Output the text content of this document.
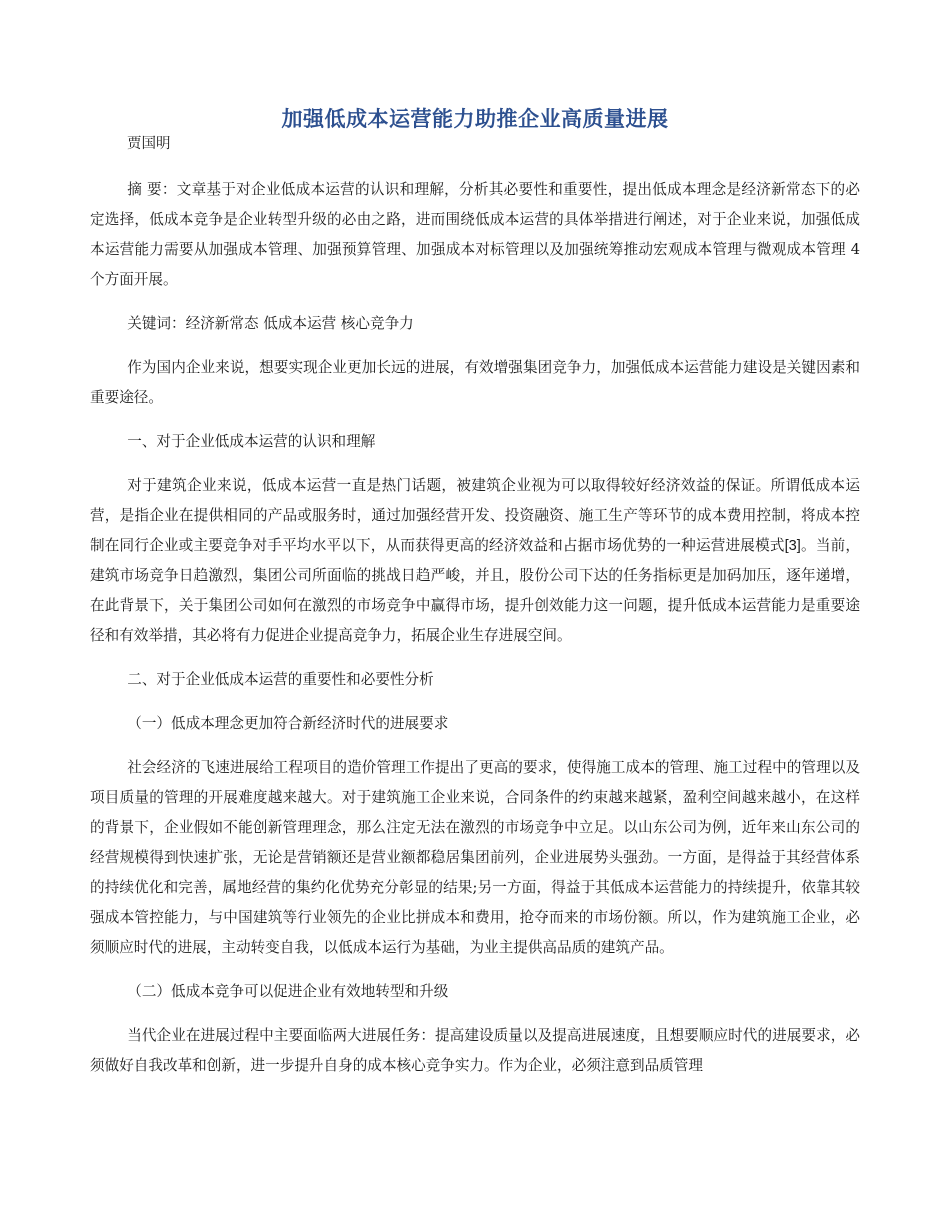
加强低成本运营能力助推企业高质量进展

贾国明

摘 要：文章基于对企业低成本运营的认识和理解，分析其必要性和重要性，提出低成本理念是经济新常态下的必定选择，低成本竞争是企业转型升级的必由之路，进而围绕低成本运营的具体举措进行阐述，对于企业来说，加强低成本运营能力需要从加强成本管理、加强预算管理、加强成本对标管理以及加强统筹推动宏观成本管理与微观成本管理 4 个方面开展。

关键词：经济新常态 低成本运营 核心竞争力

作为国内企业来说，想要实现企业更加长远的进展，有效增强集团竞争力，加强低成本运营能力建设是关键因素和重要途径。

一、对于企业低成本运营的认识和理解

对于建筑企业来说，低成本运营一直是热门话题，被建筑企业视为可以取得较好经济效益的保证。所谓低成本运营，是指企业在提供相同的产品或服务时，通过加强经营开发、投资融资、施工生产等环节的成本费用控制，将成本控制在同行企业或主要竞争对手平均水平以下，从而获得更高的经济效益和占据市场优势的一种运营进展模式[3]。当前，建筑市场竞争日趋激烈，集团公司所面临的挑战日趋严峻，并且，股份公司下达的任务指标更是加码加压，逐年递增，在此背景下，关于集团公司如何在激烈的市场竞争中赢得市场，提升创效能力这一问题，提升低成本运营能力是重要途径和有效举措，其必将有力促进企业提高竞争力，拓展企业生存进展空间。

二、对于企业低成本运营的重要性和必要性分析

（一）低成本理念更加符合新经济时代的进展要求

社会经济的飞速进展给工程项目的造价管理工作提出了更高的要求，使得施工成本的管理、施工过程中的管理以及项目质量的管理的开展难度越来越大。对于建筑施工企业来说，合同条件的约束越来越紧，盈利空间越来越小，在这样的背景下，企业假如不能创新管理理念，那么注定无法在激烈的市场竞争中立足。以山东公司为例，近年来山东公司的经营规模得到快速扩张，无论是营销额还是营业额都稳居集团前列，企业进展势头强劲。一方面，是得益于其经营体系的持续优化和完善，属地经营的集约化优势充分彰显的结果;另一方面，得益于其低成本运营能力的持续提升，依靠其较强成本管控能力，与中国建筑等行业领先的企业比拼成本和费用，抢夺而来的市场份额。所以，作为建筑施工企业，必须顺应时代的进展，主动转变自我，以低成本运行为基础，为业主提供高品质的建筑产品。

（二）低成本竞争可以促进企业有效地转型和升级

当代企业在进展过程中主要面临两大进展任务：提高建设质量以及提高进展速度，且想要顺应时代的进展要求，必须做好自我改革和创新，进一步提升自身的成本核心竞争实力。作为企业，必须注意到品质管理
